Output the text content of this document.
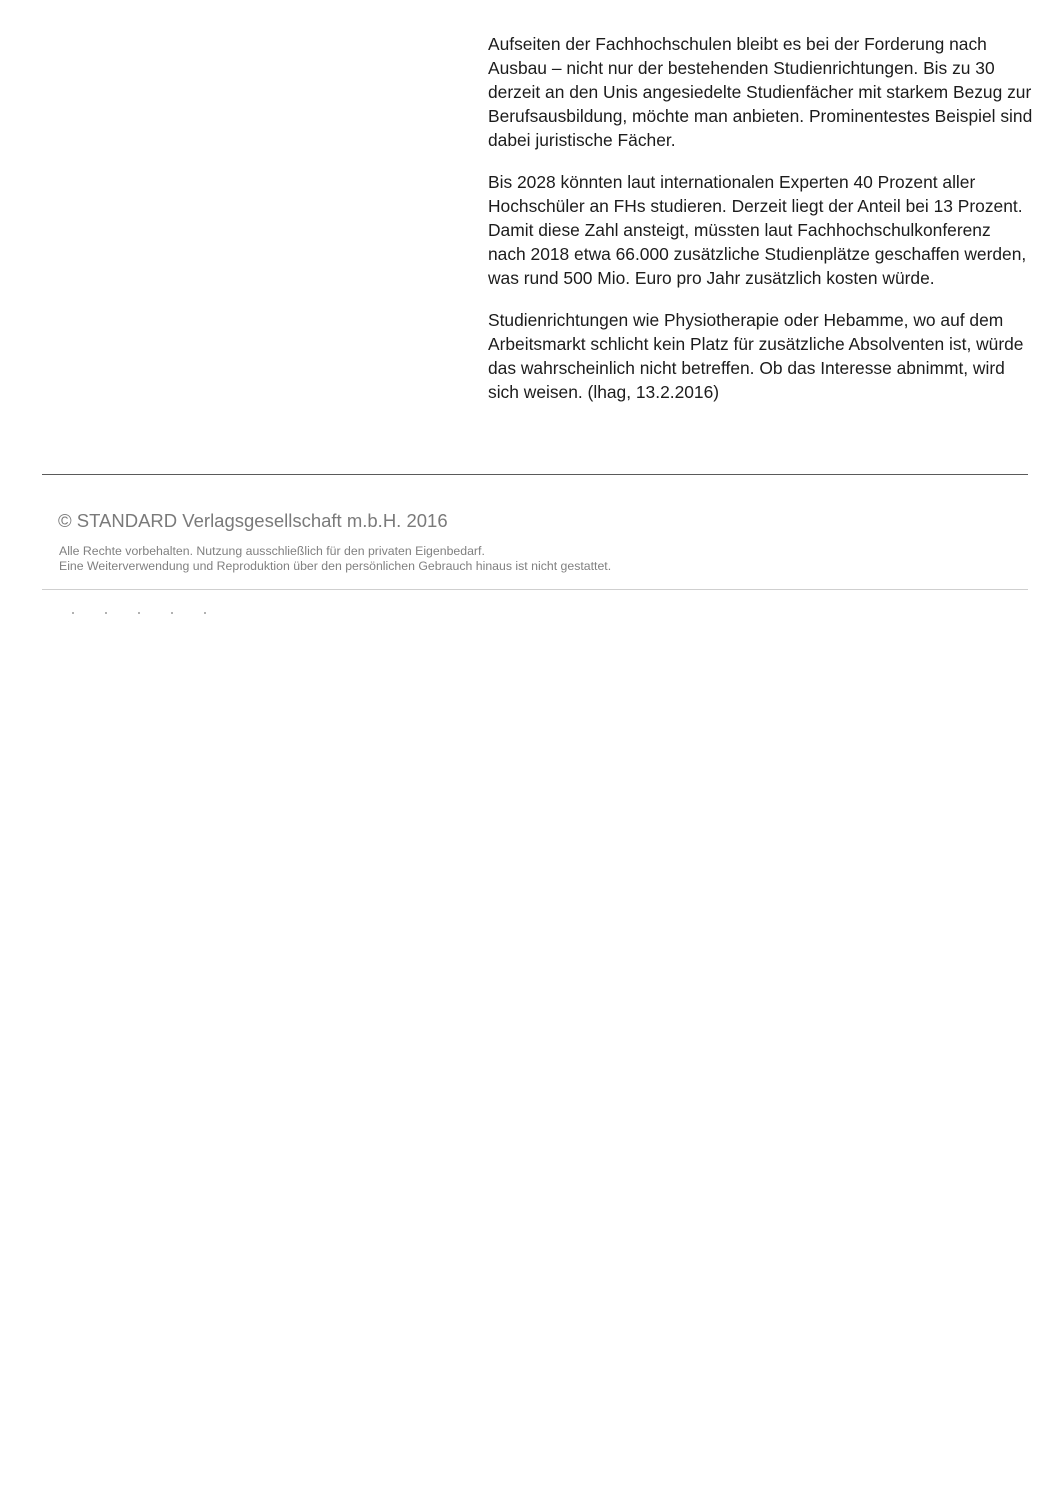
Aufseiten der Fachhochschulen bleibt es bei der Forderung nach Ausbau – nicht nur der bestehenden Studienrichtungen. Bis zu 30 derzeit an den Unis angesiedelte Studienfächer mit starkem Bezug zur Berufsausbildung, möchte man anbieten. Prominentestes Beispiel sind dabei juristische Fächer.

Bis 2028 könnten laut internationalen Experten 40 Prozent aller Hochschüler an FHs studieren. Derzeit liegt der Anteil bei 13 Prozent. Damit diese Zahl ansteigt, müssten laut Fachhochschulkonferenz nach 2018 etwa 66.000 zusätzliche Studienplätze geschaffen werden, was rund 500 Mio. Euro pro Jahr zusätzlich kosten würde.

Studienrichtungen wie Physiotherapie oder Hebamme, wo auf dem Arbeitsmarkt schlicht kein Platz für zusätzliche Absolventen ist, würde das wahrscheinlich nicht betreffen. Ob das Interesse abnimmt, wird sich weisen. (lhag, 13.2.2016)

© STANDARD Verlagsgesellschaft m.b.H. 2016
Alle Rechte vorbehalten. Nutzung ausschließlich für den privaten Eigenbedarf.
Eine Weiterverwendung und Reproduktion über den persönlichen Gebrauch hinaus ist nicht gestattet.
